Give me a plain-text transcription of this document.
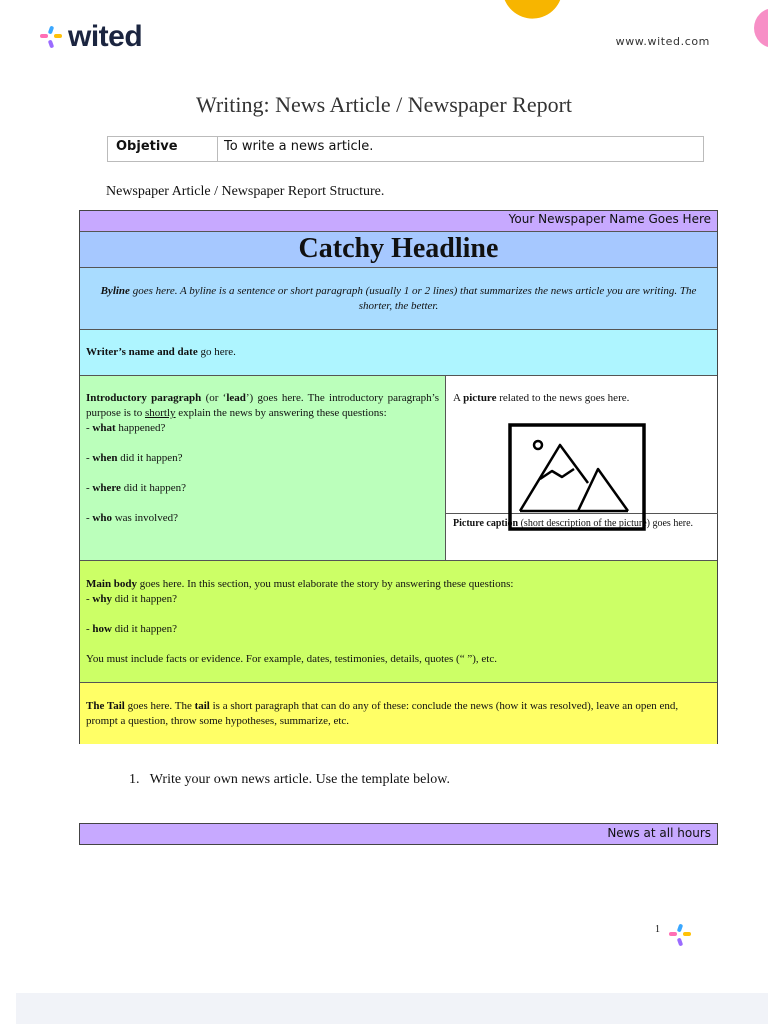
wited	www.wited.com
Writing: News Article / Newspaper Report
Objetive	To write a news article.
Newspaper Article / Newspaper Report Structure.
Your Newspaper Name Goes Here
Catchy Headline
Byline goes here. A byline is a sentence or short paragraph (usually 1 or 2 lines) that summarizes the news article you are writing. The shorter, the better.
Writer’s name and date go here.
Introductory paragraph (or ‘lead’) goes here. The introductory paragraph’s purpose is to shortly explain the news by answering these questions:
- what happened?
- when did it happen?
- where did it happen?
- who was involved?
A picture related to the news goes here.
Picture caption (short description of the picture) goes here.
Main body goes here. In this section, you must elaborate the story by answering these questions:
- why did it happen?
- how did it happen?
You must include facts or evidence. For example, dates, testimonies, details, quotes (“ ”), etc.
The Tail goes here. The tail is a short paragraph that can do any of these: conclude the news (how it was resolved), leave an open end, prompt a question, throw some hypotheses, summarize, etc.
1.   Write your own news article. Use the template below.
News at all hours
1
